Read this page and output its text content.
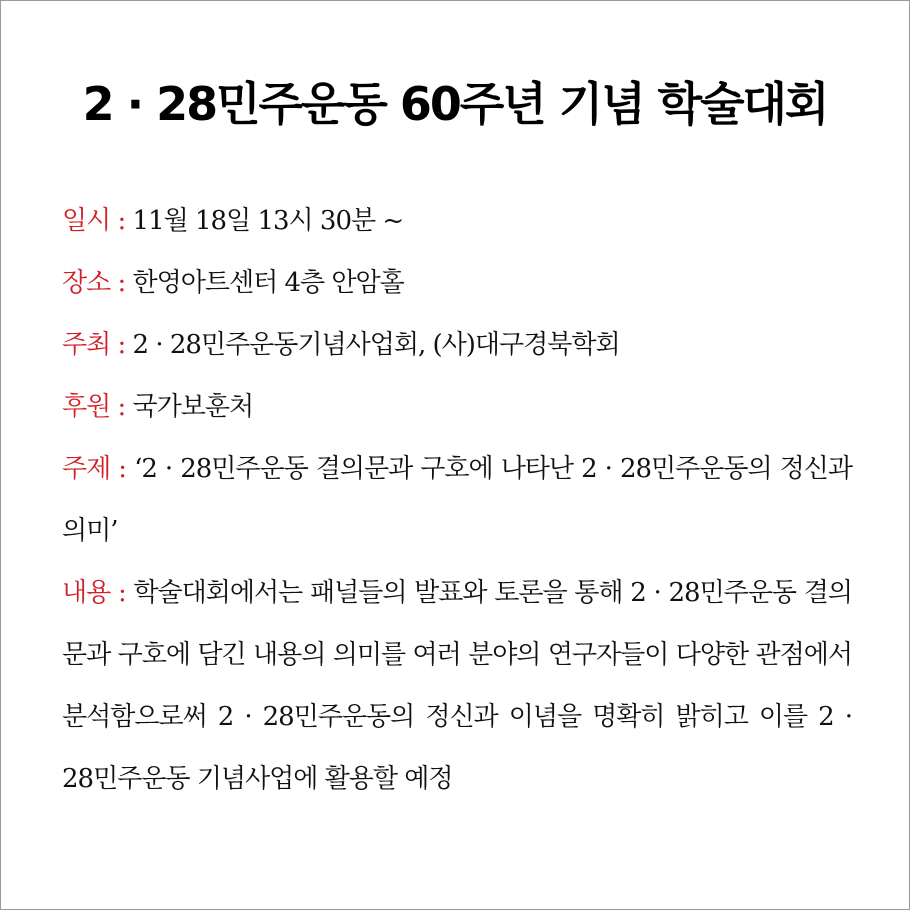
2 · 28민주운동 60주년 기념 학술대회
일시 : 11월 18일 13시 30분 ~
장소 : 한영아트센터 4층 안암홀
주최 : 2 · 28민주운동기념사업회, (사)대구경북학회
후원 : 국가보훈처
주제 : ‘2 · 28민주운동 결의문과 구호에 나타난 2 · 28민주운동의 정신과 의미’
내용 : 학술대회에서는 패널들의 발표와 토론을 통해 2 · 28민주운동 결의문과 구호에 담긴 내용의 의미를 여러 분야의 연구자들이 다양한 관점에서 분석함으로써 2 · 28민주운동의 정신과 이념을 명확히 밝히고 이를 2 · 28민주운동 기념사업에 활용할 예정
